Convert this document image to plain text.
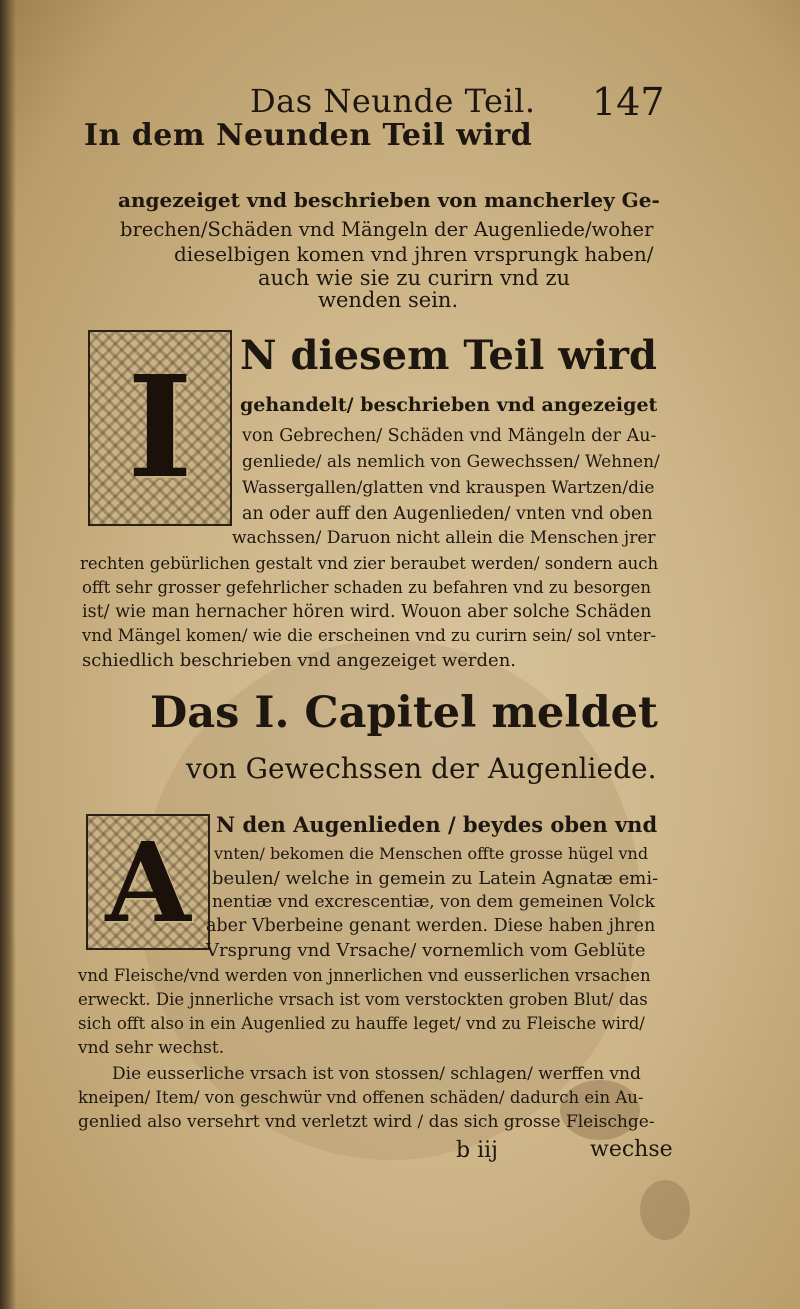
Das Neunde Teil. 147
In dem Neunden Teil wird
angezeiget vnd beschrieben von mancherley Ge-
brechen/Schäden vnd Mängeln der Augenliede/woher
dieselbigen komen vnd jhren vrsprungk haben/
auch wie sie zu curirn vnd zu
wenden sein.
I N diesem Teil wird
gehandelt/ beschrieben vnd angezeiget
von Gebrechen/ Schäden vnd Mängeln der Au-
genliede/ als nemlich von Gewechssen/ Wehnen/
Wassergallen/glatten vnd krauspen Wartzen/die
an oder auff den Augenlieden/ vnten vnd oben
wachssen/ Daruon nicht allein die Menschen jrer
rechten gebürlichen gestalt vnd zier beraubet werden/ sondern auch
offt sehr grosser gefehrlicher schaden zu befahren vnd zu besorgen
ist/ wie man hernacher hören wird. Wouon aber solche Schäden
vnd Mängel komen/ wie die erscheinen vnd zu curirn sein/ sol vnter-
schiedlich beschrieben vnd angezeiget werden.
Das I. Capitel meldet
von Gewechssen der Augenliede.
A N den Augenlieden / beydes oben vnd
vnten/ bekomen die Menschen offte grosse hügel vnd
beulen/ welche in gemein zu Latein Agnatæ emi-
nentiæ vnd excrescentiæ, von dem gemeinen Volck
aber Vberbeine genant werden. Diese haben jhren
Vrsprung vnd Vrsache/ vornemlich vom Geblüte
vnd Fleische/vnd werden von jnnerlichen vnd eusserlichen vrsachen
erweckt. Die jnnerliche vrsach ist vom verstockten groben Blut/ das
sich offt also in ein Augenlied zu hauffe leget/ vnd zu Fleische wird/
vnd sehr wechst.
Die eusserliche vrsach ist von stossen/ schlagen/ werffen vnd
kneipen/ Item/ von geschwür vnd offenen schäden/ dadurch ein Au-
genlied also versehrt vnd verletzt wird / das sich grosse Fleischge-
b iij	wechse
